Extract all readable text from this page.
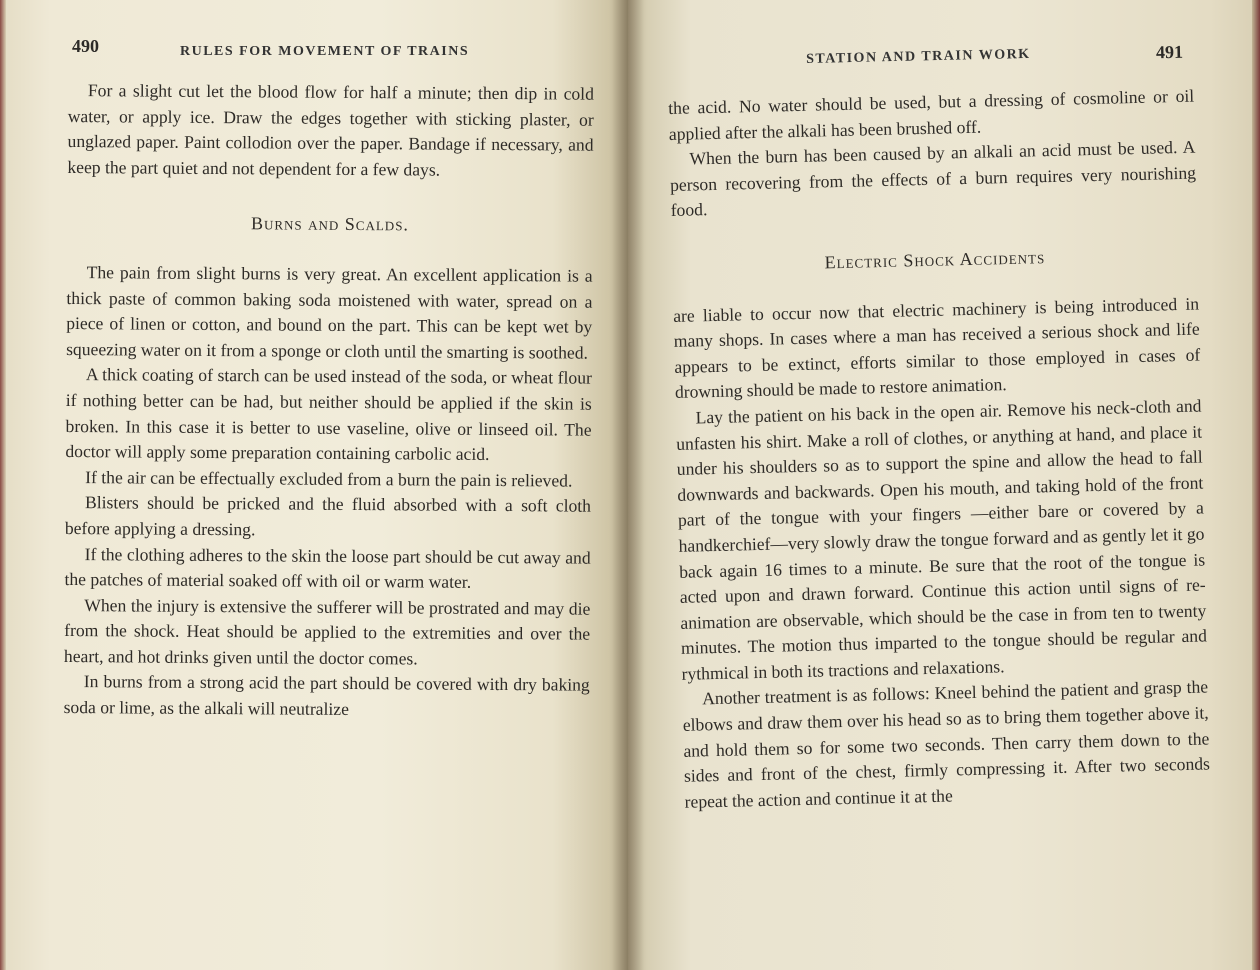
490	RULES FOR MOVEMENT OF TRAINS

For a slight cut let the blood flow for half a minute; then dip in cold water, or apply ice. Draw the edges together with sticking plaster, or unglazed paper. Paint collodion over the paper. Bandage if necessary, and keep the part quiet and not dependent for a few days.

Burns and Scalds.

The pain from slight burns is very great. An excellent application is a thick paste of common baking soda moistened with water, spread on a piece of linen or cotton, and bound on the part. This can be kept wet by squeezing water on it from a sponge or cloth until the smarting is soothed.

A thick coating of starch can be used instead of the soda, or wheat flour if nothing better can be had, but neither should be applied if the skin is broken. In this case it is better to use vaseline, olive or linseed oil. The doctor will apply some preparation containing carbolic acid.

If the air can be effectually excluded from a burn the pain is relieved.

Blisters should be pricked and the fluid absorbed with a soft cloth before applying a dressing.

If the clothing adheres to the skin the loose part should be cut away and the patches of material soaked off with oil or warm water.

When the injury is extensive the sufferer will be prostrated and may die from the shock. Heat should be applied to the extremities and over the heart, and hot drinks given until the doctor comes.

In burns from a strong acid the part should be covered with dry baking soda or lime, as the alkali will neutralize

491
STATION AND TRAIN WORK

the acid. No water should be used, but a dressing of cosmoline or oil applied after the alkali has been brushed off.

When the burn has been caused by an alkali an acid must be used. A person recovering from the effects of a burn requires very nourishing food.

Electric Shock Accidents

are liable to occur now that electric machinery is being introduced in many shops. In cases where a man has received a serious shock and life appears to be extinct, efforts similar to those employed in cases of drowning should be made to restore animation.

Lay the patient on his back in the open air. Remove his neck-cloth and unfasten his shirt. Make a roll of clothes, or anything at hand, and place it under his shoulders so as to support the spine and allow the head to fall downwards and backwards. Open his mouth, and taking hold of the front part of the tongue with your fingers —either bare or covered by a handkerchief—very slowly draw the tongue forward and as gently let it go back again 16 times to a minute. Be sure that the root of the tongue is acted upon and drawn forward. Continue this action until signs of re-animation are observable, which should be the case in from ten to twenty minutes. The motion thus imparted to the tongue should be regular and rythmical in both its tractions and relaxations.

Another treatment is as follows: Kneel behind the patient and grasp the elbows and draw them over his head so as to bring them together above it, and hold them so for some two seconds. Then carry them down to the sides and front of the chest, firmly compressing it. After two seconds repeat the action and continue it at the
